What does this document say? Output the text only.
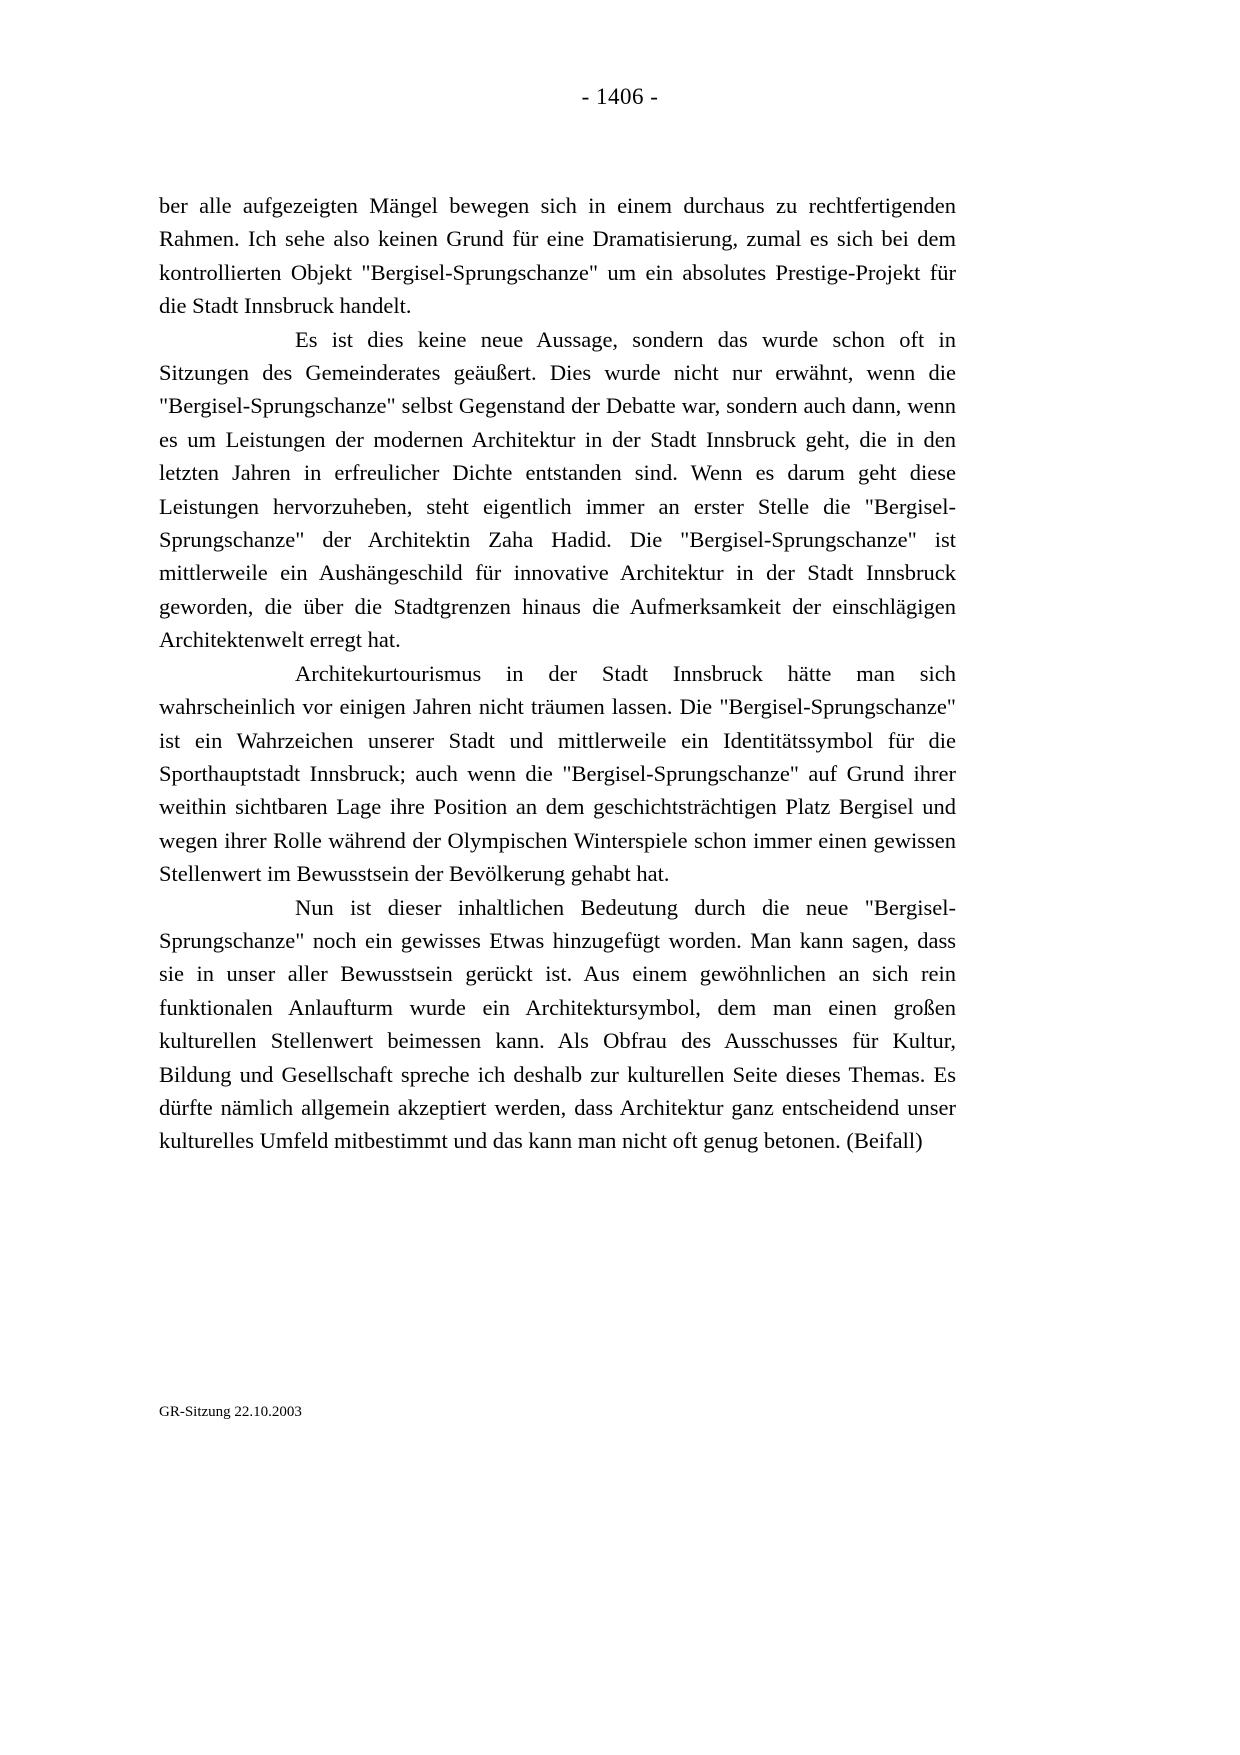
- 1406 -

ber alle aufgezeigten Mängel bewegen sich in einem durchaus zu rechtfertigenden Rahmen. Ich sehe also keinen Grund für eine Dramatisierung, zumal es sich bei dem kontrollierten Objekt "Bergisel-Sprungschanze" um ein absolutes Prestige-Projekt für die Stadt Innsbruck handelt.

Es ist dies keine neue Aussage, sondern das wurde schon oft in Sitzungen des Gemeinderates geäußert. Dies wurde nicht nur erwähnt, wenn die "Bergisel-Sprungschanze" selbst Gegenstand der Debatte war, sondern auch dann, wenn es um Leistungen der modernen Architektur in der Stadt Innsbruck geht, die in den letzten Jahren in erfreulicher Dichte entstanden sind. Wenn es darum geht diese Leistungen hervorzuheben, steht eigentlich immer an erster Stelle die "Bergisel-Sprungschanze" der Architektin Zaha Hadid. Die "Bergisel-Sprungschanze" ist mittlerweile ein Aushängeschild für innovative Architektur in der Stadt Innsbruck geworden, die über die Stadtgrenzen hinaus die Aufmerksamkeit der einschlägigen Architektenwelt erregt hat.

Architekurtourismus in der Stadt Innsbruck hätte man sich wahrscheinlich vor einigen Jahren nicht träumen lassen. Die "Bergisel-Sprungschanze" ist ein Wahrzeichen unserer Stadt und mittlerweile ein Identitätssymbol für die Sporthauptstadt Innsbruck; auch wenn die "Bergisel-Sprungschanze" auf Grund ihrer weithin sichtbaren Lage ihre Position an dem geschichtsträchtigen Platz Bergisel und wegen ihrer Rolle während der Olympischen Winterspiele schon immer einen gewissen Stellenwert im Bewusstsein der Bevölkerung gehabt hat.

Nun ist dieser inhaltlichen Bedeutung durch die neue "Bergisel-Sprungschanze" noch ein gewisses Etwas hinzugefügt worden. Man kann sagen, dass sie in unser aller Bewusstsein gerückt ist. Aus einem gewöhnlichen an sich rein funktionalen Anlaufturm wurde ein Architektursymbol, dem man einen großen kulturellen Stellenwert beimessen kann. Als Obfrau des Ausschusses für Kultur, Bildung und Gesellschaft spreche ich deshalb zur kulturellen Seite dieses Themas. Es dürfte nämlich allgemein akzeptiert werden, dass Architektur ganz entscheidend unser kulturelles Umfeld mitbestimmt und das kann man nicht oft genug betonen. (Beifall)

GR-Sitzung 22.10.2003
